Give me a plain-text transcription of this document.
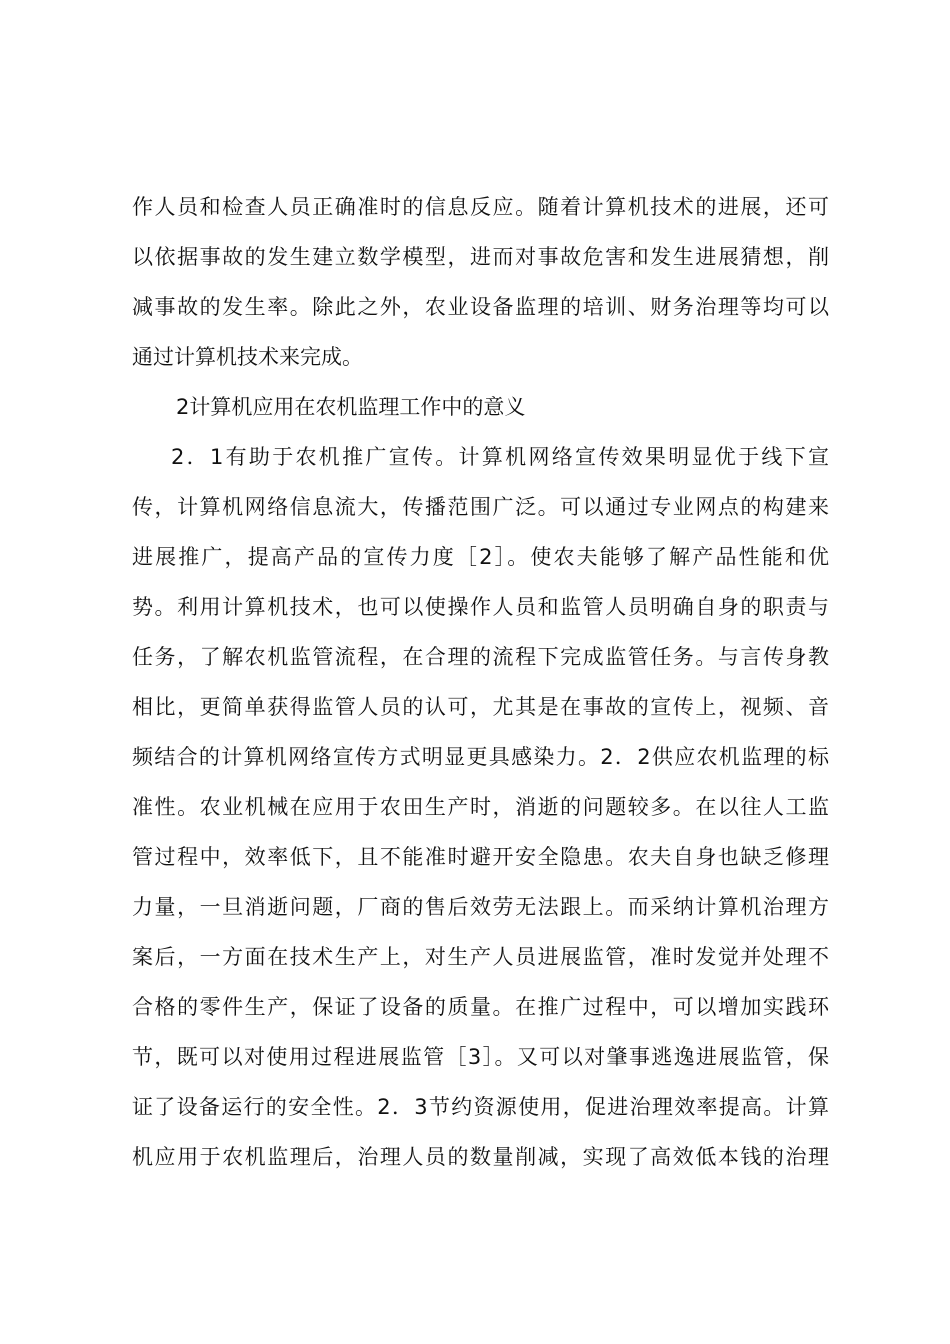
作人员和检查人员正确准时的信息反应。随着计算机技术的进展，还可
以依据事故的发生建立数学模型，进而对事故危害和发生进展猜想，削
减事故的发生率。除此之外，农业设备监理的培训、财务治理等均可以
通过计算机技术来完成。
2计算机应用在农机监理工作中的意义
2．1有助于农机推广宣传。计算机网络宣传效果明显优于线下宣
传，计算机网络信息流大，传播范围广泛。可以通过专业网点的构建来
进展推广，提高产品的宣传力度［2］。使农夫能够了解产品性能和优
势。利用计算机技术，也可以使操作人员和监管人员明确自身的职责与
任务，了解农机监管流程，在合理的流程下完成监管任务。与言传身教
相比，更简单获得监管人员的认可，尤其是在事故的宣传上，视频、音
频结合的计算机网络宣传方式明显更具感染力。2．2供应农机监理的标
准性。农业机械在应用于农田生产时，消逝的问题较多。在以往人工监
管过程中，效率低下，且不能准时避开安全隐患。农夫自身也缺乏修理
力量，一旦消逝问题，厂商的售后效劳无法跟上。而采纳计算机治理方
案后，一方面在技术生产上，对生产人员进展监管，准时发觉并处理不
合格的零件生产，保证了设备的质量。在推广过程中，可以增加实践环
节，既可以对使用过程进展监管［3］。又可以对肇事逃逸进展监管，保
证了设备运行的安全性。2．3节约资源使用，促进治理效率提高。计算
机应用于农机监理后，治理人员的数量削减，实现了高效低本钱的治理
